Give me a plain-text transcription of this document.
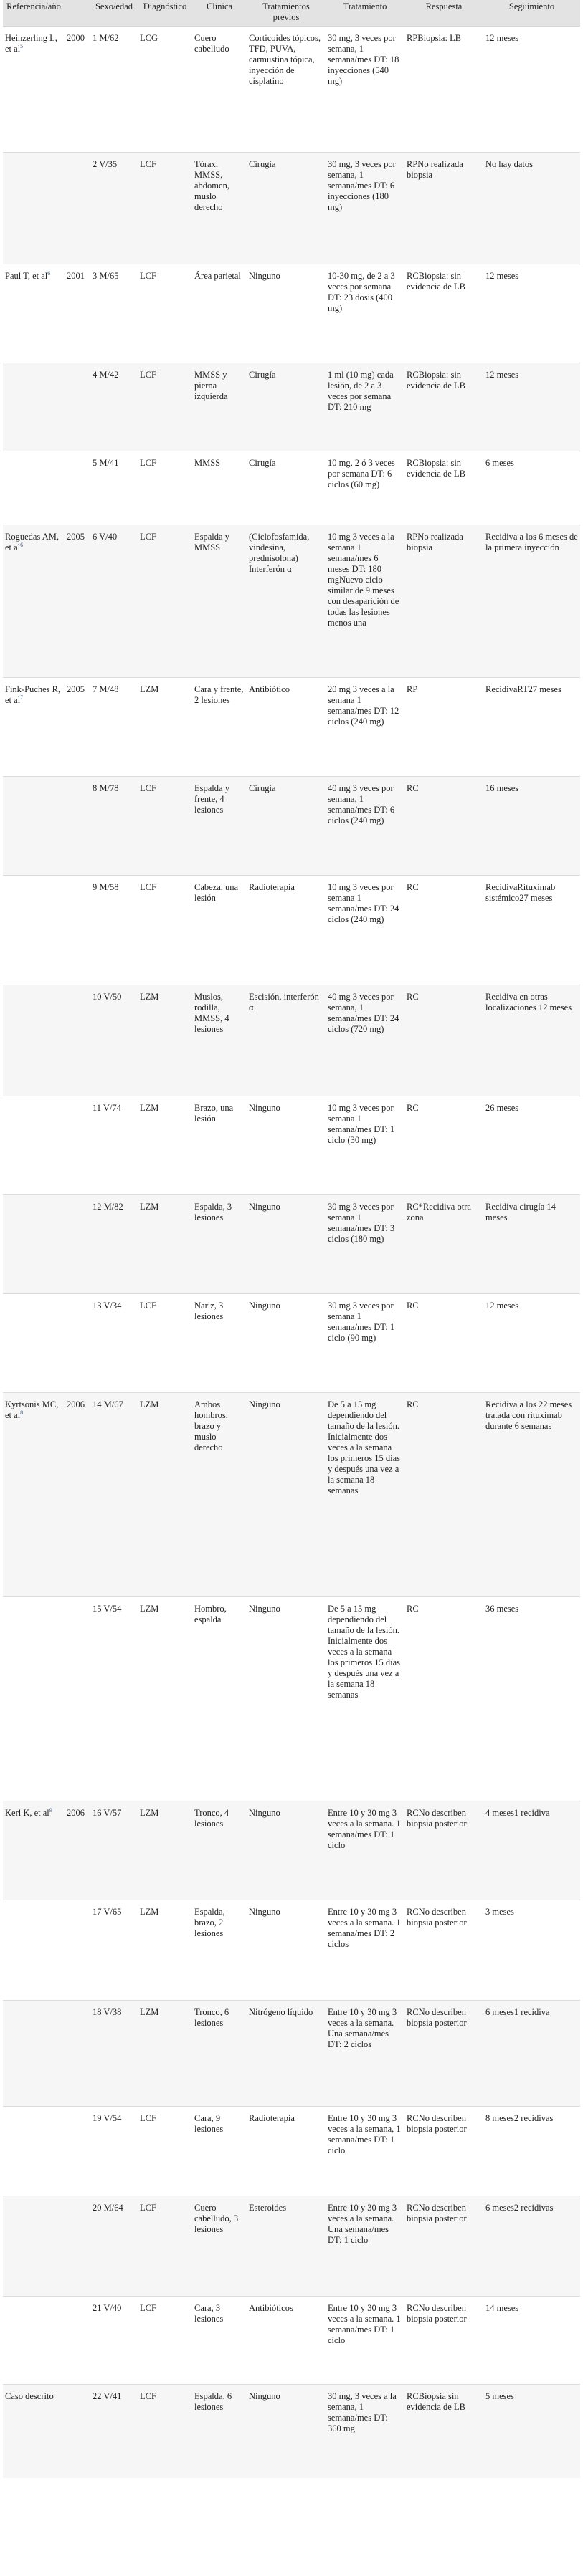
Referencia/año		Sexo/edad	Diagnóstico	Clínica	Tratamientos previos	Tratamiento	Respuesta	Seguimiento
Heinzerling L, et $al^5$	2000	1 M/62	LCG	Cuero cabelludo	Corticoides tópicos, TFD, PUVA, carmustina tópica, inyección de cisplatino	30 mg, 3 veces por semana, 1 semana/mes DT: 18 inyecciones (540 mg)	RPBiopsia: LB	12 meses
		2 V/35	LCF	Tórax, MMSS, abdomen, muslo derecho	Cirugía	30 mg, 3 veces por semana, 1 semana/mes DT: 6 inyecciones (180 mg)	RPNo realizada biopsia	No hay datos
Paul T, et $al^6$	2001	3 M/65	LCF	Área parietal	Ninguno	10-30 mg, de 2 a 3 veces por semana DT: 23 dosis (400 mg)	RCBiopsia: sin evidencia de LB	12 meses
		4 M/42	LCF	MMSS y pierna izquierda	Cirugía	1 ml (10 mg) cada lesión, de 2 a 3 veces por semana DT: 210 mg	RCBiopsia: sin evidencia de LB	12 meses
		5 M/41	LCF	MMSS	Cirugía	10 mg, 2 ó 3 veces por semana DT: 6 ciclos (60 mg)	RCBiopsia: sin evidencia de LB	6 meses
Roguedas AM, et $al^6$	2005	6 V/40	LCF	Espalda y MMSS	(Ciclofosfamida, vindesina, prednisolona) Interferón α	10 mg 3 veces a la semana 1 semana/mes 6 meses DT: 180 mgNuevo ciclo similar de 9 meses con desaparición de todas las lesiones menos una	RPNo realizada biopsia	Recidiva a los 6 meses de la primera inyección
Fink-Puches R, et $al^7$	2005	7 M/48	LZM	Cara y frente, 2 lesiones	Antibiótico	20 mg 3 veces a la semana 1 semana/mes DT: 12 ciclos (240 mg)	RP	RecidivaRT27 meses
		8 M/78	LCF	Espalda y frente, 4 lesiones	Cirugía	40 mg 3 veces por semana, 1 semana/mes DT: 6 ciclos (240 mg)	RC	16 meses
		9 M/58	LCF	Cabeza, una lesión	Radioterapia	10 mg 3 veces por semana 1 semana/mes DT: 24 ciclos (240 mg)	RC	RecidivaRituximab sistémico27 meses
		10 V/50	LZM	Muslos, rodilla, MMSS, 4 lesiones	Escisión, interferón α	40 mg 3 veces por semana, 1 semana/mes DT: 24 ciclos (720 mg)	RC	Recidiva en otras localizaciones 12 meses
		11 V/74	LZM	Brazo, una lesión	Ninguno	10 mg 3 veces por semana 1 semana/mes DT: 1 ciclo (30 mg)	RC	26 meses
		12 M/82	LZM	Espalda, 3 lesiones	Ninguno	30 mg 3 veces por semana 1 semana/mes DT: 3 ciclos (180 mg)	RC*Recidiva otra zona	Recidiva cirugía 14 meses
		13 V/34	LCF	Nariz, 3 lesiones	Ninguno	30 mg 3 veces por semana 1 semana/mes DT: 1 ciclo (90 mg)	RC	12 meses
Kyrtsonis MC, et $al^8$	2006	14 M/67	LZM	Ambos hombros, brazo y muslo derecho	Ninguno	De 5 a 15 mg dependiendo del tamaño de la lesión. Inicialmente dos veces a la semana los primeros 15 días y después una vez a la semana 18 semanas	RC	Recidiva a los 22 meses tratada con rituximab durante 6 semanas
		15 V/54	LZM	Hombro, espalda	Ninguno	De 5 a 15 mg dependiendo del tamaño de la lesión. Inicialmente dos veces a la semana los primeros 15 días y después una vez a la semana 18 semanas	RC	36 meses
Kerl K, et $al^9$	2006	16 V/57	LZM	Tronco, 4 lesiones	Ninguno	Entre 10 y 30 mg 3 veces a la semana. 1 semana/mes DT: 1 ciclo	RCNo describen biopsia posterior	4 meses1 recidiva
		17 V/65	LZM	Espalda, brazo, 2 lesiones	Ninguno	Entre 10 y 30 mg 3 veces a la semana. 1 semana/mes DT: 2 ciclos	RCNo describen biopsia posterior	3 meses
		18 V/38	LZM	Tronco, 6 lesiones	Nitrógeno líquido	Entre 10 y 30 mg 3 veces a la semana. Una semana/mes DT: 2 ciclos	RCNo describen biopsia posterior	6 meses1 recidiva
		19 V/54	LCF	Cara, 9 lesiones	Radioterapia	Entre 10 y 30 mg 3 veces a la semana, 1 semana/mes DT: 1 ciclo	RCNo describen biopsia posterior	8 meses2 recidivas
		20 M/64	LCF	Cuero cabelludo, 3 lesiones	Esteroides	Entre 10 y 30 mg 3 veces a la semana. Una semana/mes DT: 1 ciclo	RCNo describen biopsia posterior	6 meses2 recidivas
		21 V/40	LCF	Cara, 3 lesiones	Antibióticos	Entre 10 y 30 mg 3 veces a la semana. 1 semana/mes DT: 1 ciclo	RCNo describen biopsia posterior	14 meses
Caso descrito		22 V/41	LCF	Espalda, 6 lesiones	Ninguno	30 mg, 3 veces a la semana, 1 semana/mes DT: 360 mg	RCBiopsia sin evidencia de LB	5 meses
